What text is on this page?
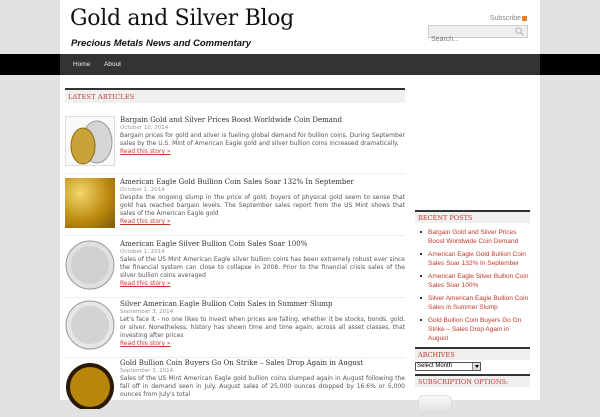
Gold and Silver Blog
Precious Metals News and Commentary
Subscribe
Search...
Home About
LATEST ARTICLES
Bargain Gold and Silver Prices Boost Worldwide Coin Demand
October 10, 2014
Bargain prices for gold and silver is fueling global demand for bullion coins. During September sales by the U.S. Mint of American Eagle gold and silver bullion coins increased dramatically.
Read this story »
American Eagle Gold Bullion Coin Sales Soar 132% In September
October 1, 2014
Despite the ongoing slump in the price of gold, buyers of physical gold seem to sense that gold has reached bargain levels. The September sales report from the US Mint shows that sales of the American Eagle gold
Read this story »
American Eagle Silver Bullion Coin Sales Soar 100%
October 1, 2014
Sales of the US Mint American Eagle silver bullion coins has been extremely robust ever since the financial system can close to collapse in 2008. Prior to the financial crisis sales of the silver bullion coins averaged
Read this story »
Silver American Eagle Bullion Coin Sales in Summer Slump
September 3, 2014
Let's face it - no one likes to invest when prices are falling, whether it be stocks, bonds, gold, or silver. Nonetheless, history has shown time and time again, across all asset classes, that investing after prices
Read this story »
Gold Bullion Coin Buyers Go On Strike – Sales Drop Again in August
September 3, 2014
Sales of the US Mint American Eagle gold bullion coins slumped again in August following the fall off in demand seen in July. August sales of 25,000 ounces dropped by 16.6% or 5,000 ounces from July's total
RECENT POSTS
Bargain Gold and Silver Prices Boost Worldwide Coin Demand
American Eagle Gold Bullion Coin Sales Soar 132% In September
American Eagle Silver Bullion Coin Sales Soar 100%
Silver American Eagle Bullion Coin Sales in Summer Slump
Gold Bullion Coin Buyers Go On Strike – Sales Drop Again in August
ARCHIVES
Select Month
SUBSCRIPTION OPTIONS:
